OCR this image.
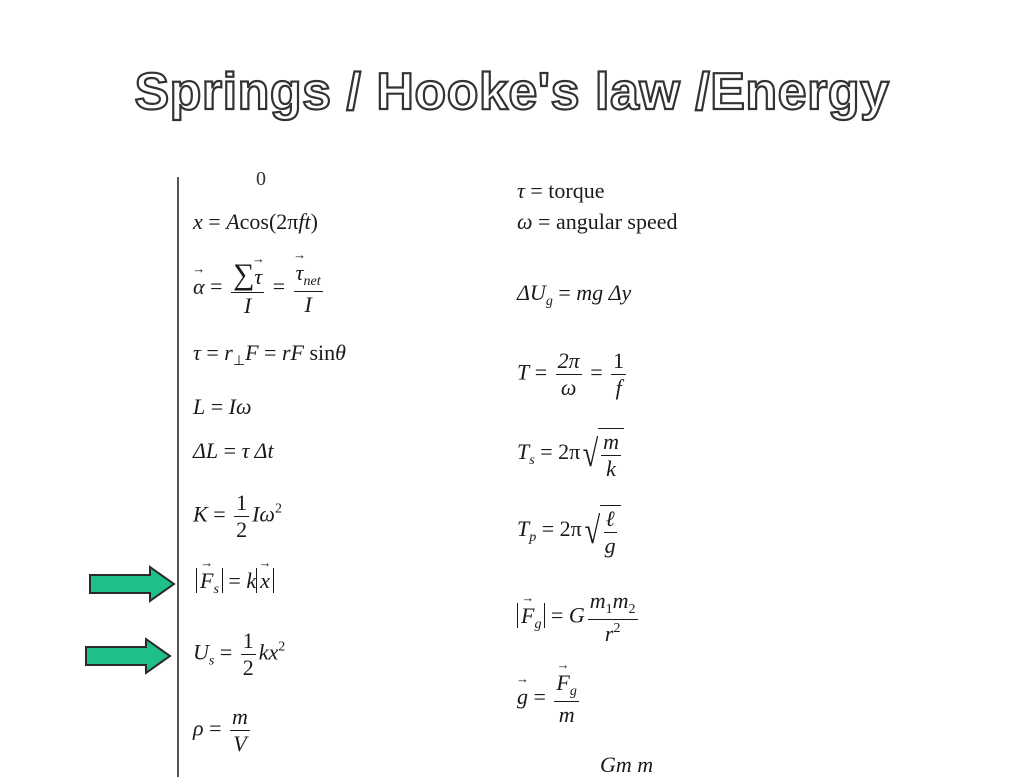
Springs / Hooke's law /Energy
0
x = Acos(2πft)
→ $\alpha = \frac{\sum\to \tau}{I}$ = → $\frac{\tau_{net}}{I}$
$\tau = r_\perp F$ = rF sinθ
L = Iω
ΔL = τ Δt
$K = \frac{1}{2} I\omega^2$
→ $F_s = k \to x$
$U_s = \frac{1}{2} kx^2$
$\rho = \frac{m}{V}$
τ = torque
ω = angular speed
$\Delta U_g$ = mg Δy
$T = \frac{2\pi}{\omega} = \frac{1}{f}$
$T_s = 2\pi$ √ $\frac{m}{k}$
$T_p = 2\pi$ √ $\frac{\text{ℓ}}{g}$
→ $F_g = G \frac{m_1m_2}{r^2}$
→ g = → $\frac{F_g}{m}$
Gm m
